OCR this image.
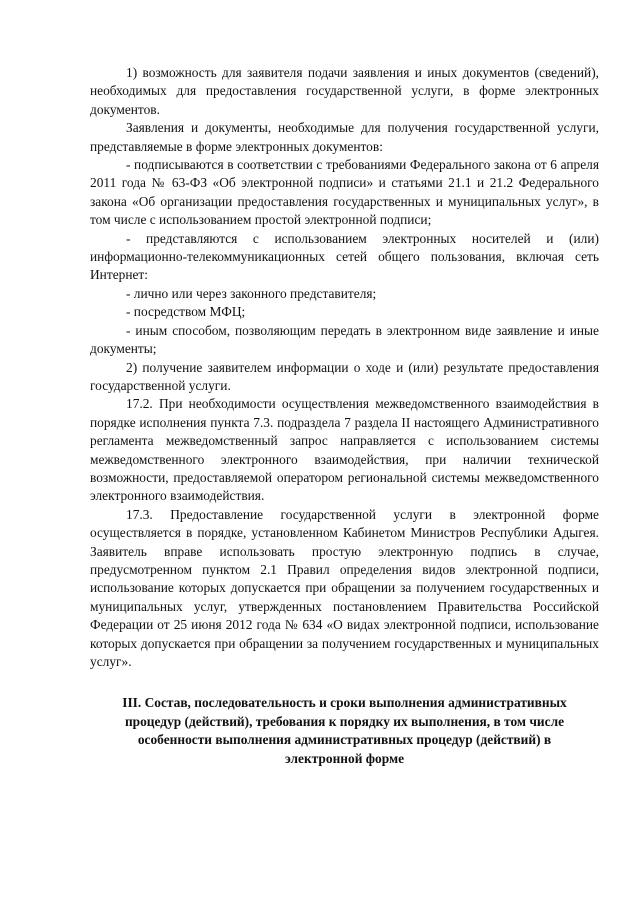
1) возможность для заявителя подачи заявления и иных документов (сведений), необходимых для предоставления государственной услуги, в форме электронных документов.

Заявления и документы, необходимые для получения государственной услуги, представляемые в форме электронных документов:

- подписываются в соответствии с требованиями Федерального закона от 6 апреля 2011 года № 63-ФЗ «Об электронной подписи» и статьями 21.1 и 21.2 Федерального закона «Об организации предоставления государственных и муниципальных услуг», в том числе с использованием простой электронной подписи;

- представляются с использованием электронных носителей и (или) информационно-телекоммуникационных сетей общего пользования, включая сеть Интернет:

- лично или через законного представителя;

- посредством МФЦ;

- иным способом, позволяющим передать в электронном виде заявление и иные документы;

2) получение заявителем информации о ходе и (или) результате предоставления государственной услуги.

17.2. При необходимости осуществления межведомственного взаимодействия в порядке исполнения пункта 7.3. подраздела 7 раздела II настоящего Административного регламента межведомственный запрос направляется с использованием системы межведомственного электронного взаимодействия, при наличии технической возможности, предоставляемой оператором региональной системы межведомственного электронного взаимодействия.

17.3. Предоставление государственной услуги в электронной форме осуществляется в порядке, установленном Кабинетом Министров Республики Адыгея. Заявитель вправе использовать простую электронную подпись в случае, предусмотренном пунктом 2.1 Правил определения видов электронной подписи, использование которых допускается при обращении за получением государственных и муниципальных услуг, утвержденных постановлением Правительства Российской Федерации от 25 июня 2012 года № 634 «О видах электронной подписи, использование которых допускается при обращении за получением государственных и муниципальных услуг».

III. Состав, последовательность и сроки выполнения административных процедур (действий), требования к порядку их выполнения, в том числе особенности выполнения административных процедур (действий) в электронной форме
